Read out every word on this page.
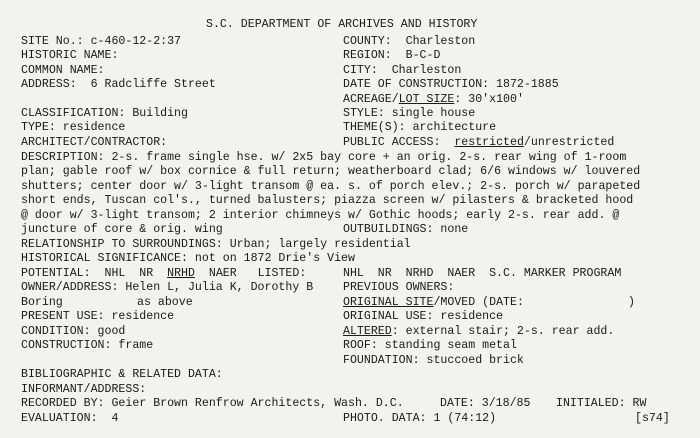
S.C. DEPARTMENT OF ARCHIVES AND HISTORY
SITE No.: c-460-12-2:37	COUNTY:  Charleston
HISTORIC NAME:	REGION:  B-C-D
COMMON NAME:	CITY:  Charleston
ADDRESS:  6 Radcliffe Street	DATE OF CONSTRUCTION: 1872-1885
ACREAGE/LOT SIZE: 30'x100'
CLASSIFICATION: Building	STYLE: single house
TYPE: residence	THEME(S): architecture
ARCHITECT/CONTRACTOR:	PUBLIC ACCESS:  restricted/unrestricted
DESCRIPTION: 2-s. frame single hse. w/ 2x5 bay core + an orig. 2-s. rear wing of 1-room
plan; gable roof w/ box cornice & full return; weatherboard clad; 6/6 windows w/ louvered
shutters; center door w/ 3-light transom @ ea. s. of porch elev.; 2-s. porch w/ parapeted
short ends, Tuscan col's., turned balusters; piazza screen w/ pilasters & bracketed hood
@ door w/ 3-light transom; 2 interior chimneys w/ Gothic hoods; early 2-s. rear add. @
juncture of core & orig. wing	OUTBUILDINGS: none
RELATIONSHIP TO SURROUNDINGS: Urban; largely residential
HISTORICAL SIGNIFICANCE: not on 1872 Drie's View
POTENTIAL:  NHL  NR  NRHD  NAER   LISTED:	NHL  NR  NRHD  NAER  S.C. MARKER PROGRAM
OWNER/ADDRESS: Helen L, Julia K, Dorothy B	PREVIOUS OWNERS:
Boring	as above	ORIGINAL SITE/MOVED (DATE:	)
PRESENT USE: residence	ORIGINAL USE: residence
CONDITION: good	ALTERED: external stair; 2-s. rear add.
CONSTRUCTION: frame	ROOF: standing seam metal
FOUNDATION: stuccoed brick
BIBLIOGRAPHIC & RELATED DATA:
INFORMANT/ADDRESS:
RECORDED BY: Geier Brown Renfrow Architects, Wash. D.C.	DATE: 3/18/85 INITIALED: RW
EVALUATION:  4	PHOTO. DATA: 1 (74:12)	[s74]
